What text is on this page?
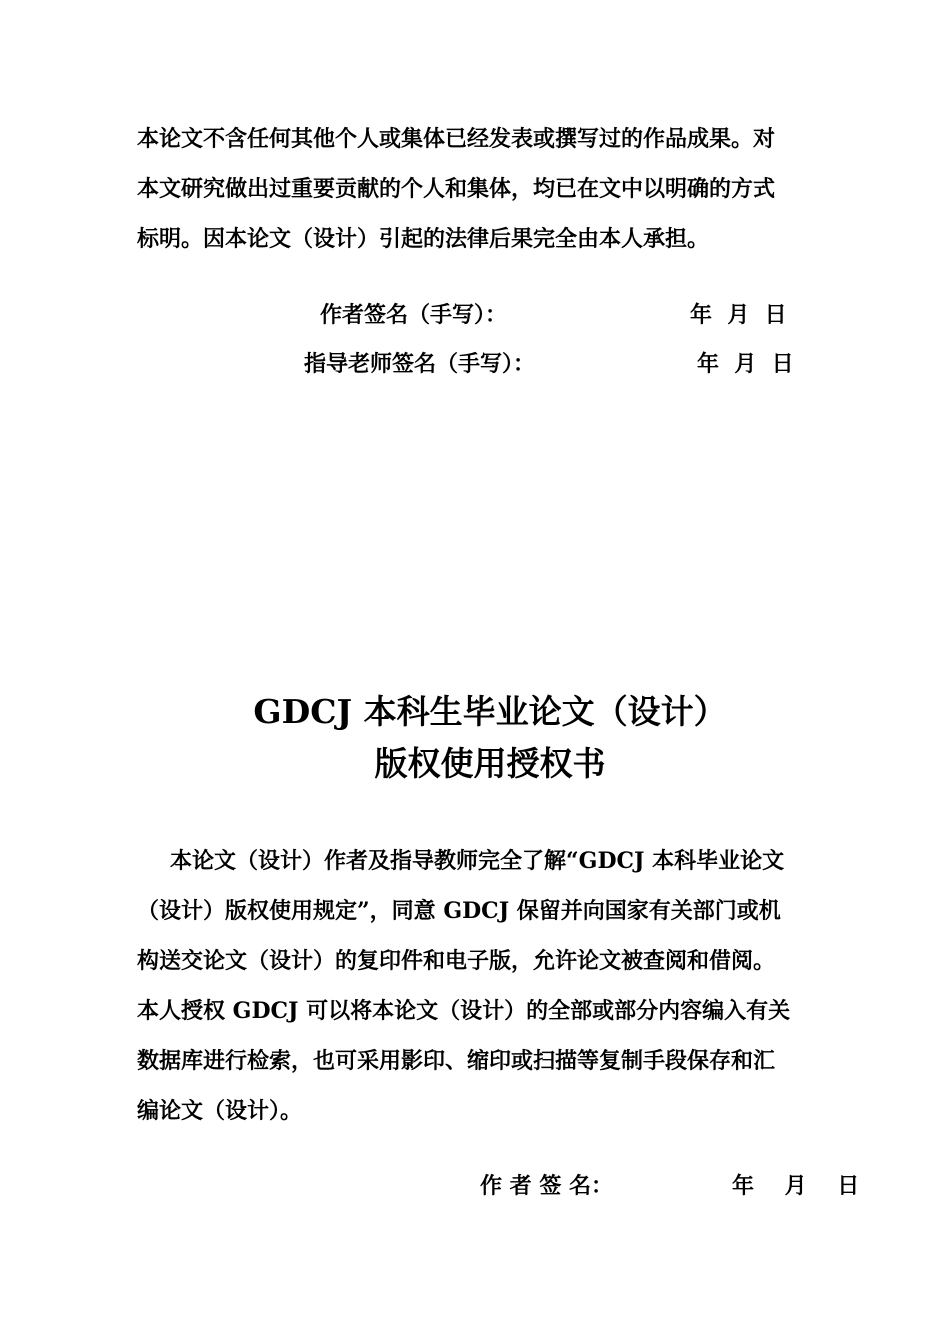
本论文不含任何其他个人或集体已经发表或撰写过的作品成果。对
本文研究做出过重要贡献的个人和集体，均已在文中以明确的方式
标明。因本论文（设计）引起的法律后果完全由本人承担。
作者签名（手写）：	年  月  日
指导老师签名（手写）：	年  月  日
GDCJ 本科生毕业论文（设计）
版权使用授权书
本论文（设计）作者及指导教师完全了解“GDCJ 本科毕业论文
（设计）版权使用规定”，同意 GDCJ 保留并向国家有关部门或机
构送交论文（设计）的复印件和电子版，允许论文被查阅和借阅。
本人授权 GDCJ 可以将本论文（设计）的全部或部分内容编入有关
数据库进行检索，也可采用影印、缩印或扫描等复制手段保存和汇
编论文（设计）。
作 者 签 名：	年    月    日
